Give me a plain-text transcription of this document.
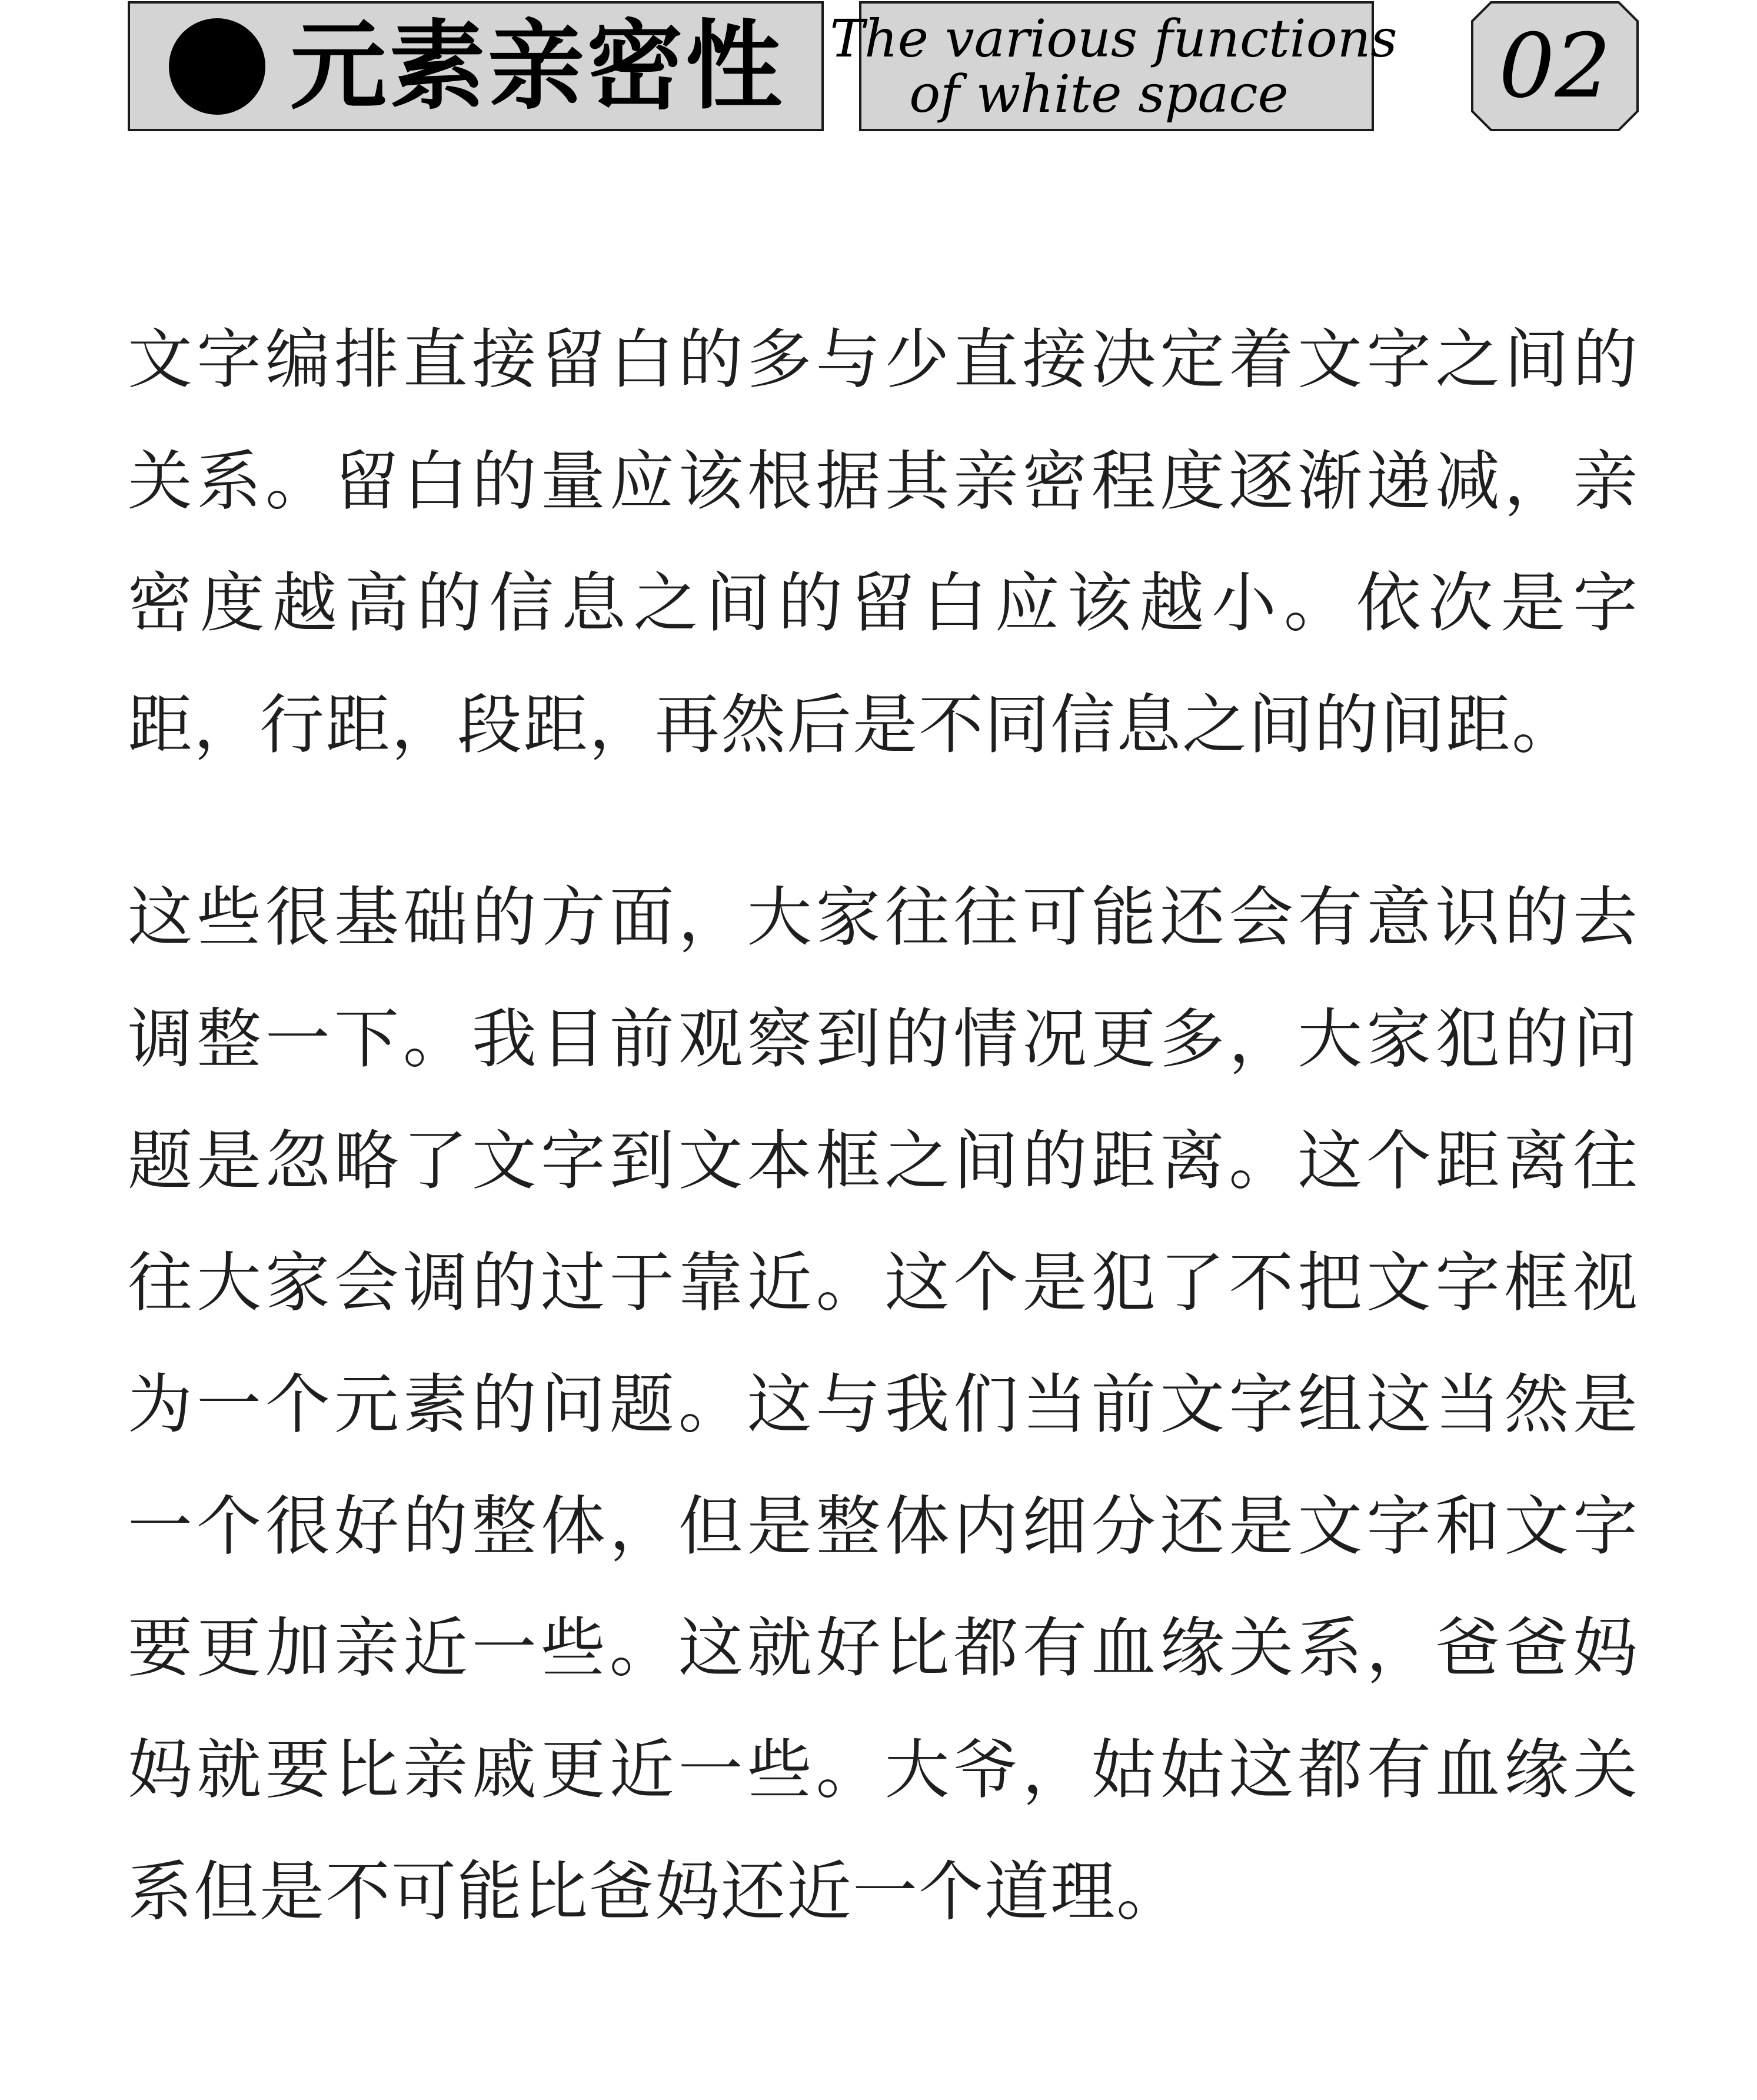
元素亲密性 The various functions
of white space	02

文字编排直接留白的多与少直接决定着文字之间的关系。留白的量应该根据其亲密程度逐渐递减，亲密度越高的信息之间的留白应该越小。依次是字距，行距，段距，再然后是不同信息之间的间距。

这些很基础的方面，大家往往可能还会有意识的去调整一下。我目前观察到的情况更多，大家犯的问题是忽略了文字到文本框之间的距离。这个距离往往大家会调的过于靠近。这个是犯了不把文字框视为一个元素的问题。这与我们当前文字组这当然是一个很好的整体，但是整体内细分还是文字和文字要更加亲近一些。这就好比都有血缘关系，爸爸妈妈就要比亲戚更近一些。大爷，姑姑这都有血缘关系但是不可能比爸妈还近一个道理。
